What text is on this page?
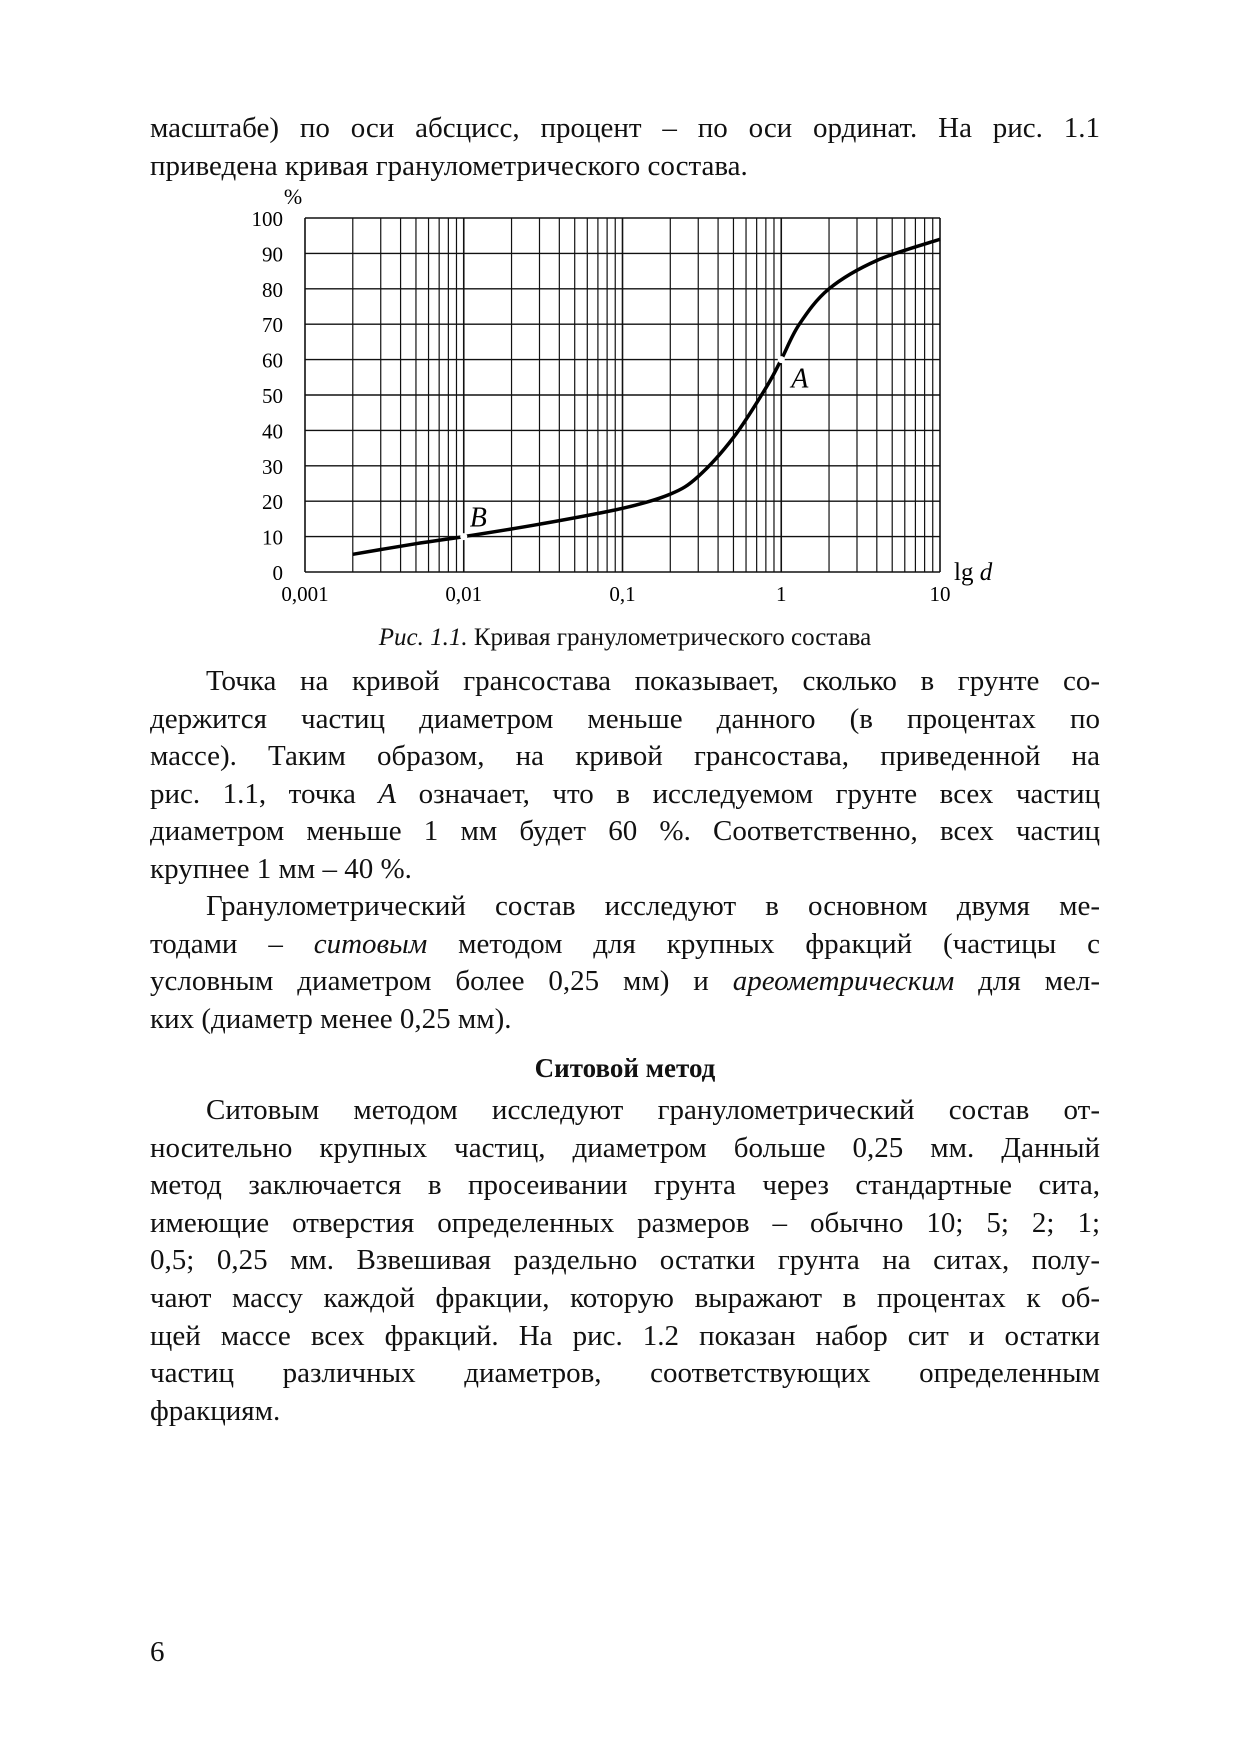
масштабе) по оси абсцисс, процент – по оси ординат. На рис. 1.1
приведена кривая гранулометрического состава.
Точка на кривой грансостава показывает, сколько в грунте со-
держится частиц диаметром меньше данного (в процентах по
массе). Таким образом, на кривой грансостава, приведенной на
рис. 1.1, точка A означает, что в исследуемом грунте всех частиц
диаметром меньше 1 мм будет 60 %. Соответственно, всех частиц
крупнее 1 мм – 40 %.
Гранулометрический состав исследуют в основном двумя ме-
тодами – ситовым методом для крупных фракций (частицы с
условным диаметром более 0,25 мм) и ареометрическим для мел-
ких (диаметр менее 0,25 мм).
Ситовым методом исследуют гранулометрический состав от-
носительно крупных частиц, диаметром больше 0,25 мм. Данный
метод заключается в просеивании грунта через стандартные сита,
имеющие отверстия определенных размеров – обычно 10; 5; 2; 1;
0,5; 0,25 мм. Взвешивая раздельно остатки грунта на ситах, полу-
чают массу каждой фракции, которую выражают в процентах к об-
щей массе всех фракций. На рис. 1.2 показан набор сит и остатки
частиц различных диаметров, соответствующих определенным
фракциям.
0
10
20
30
40
50
60
70
80
90
100
0,001	0,01	0,1	1	10
%
lg d
A
B
Рис. 1.1. Кривая гранулометрического состава
Ситовой метод
6
